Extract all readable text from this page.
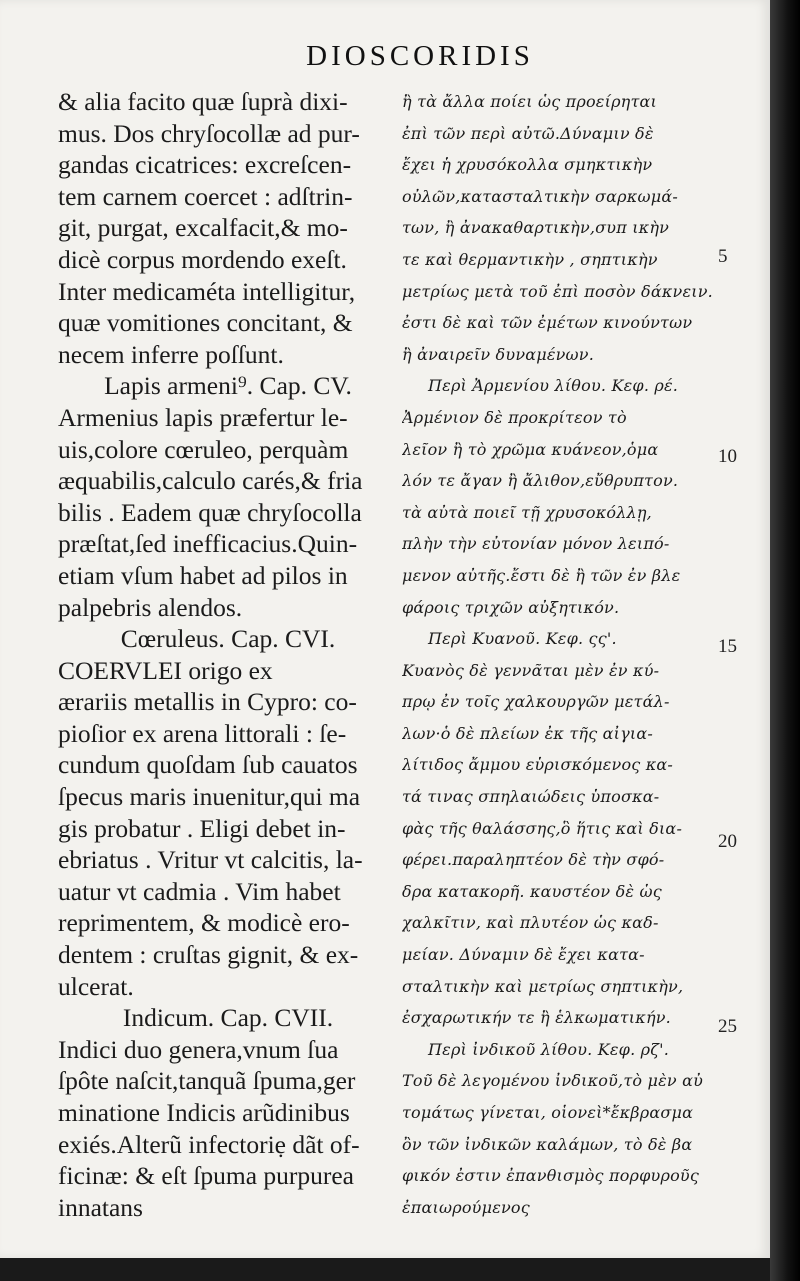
DIOSCORIDIS
& alia facito quæ ſuprà dixi-
mus. Dos chryſocollæ ad pur-
gandas cicatrices: excreſcen-
tem carnem coercet : adſtrin-
git, purgat, excalfacit,& mo-
dicè corpus mordendo exeſt.
Inter medicaméta intelligitur,
quæ vomitiones concitant, &
necem inferre poſſunt.
Lapis armeni⁹. Cap. CV.
Armenius lapis præfertur le-
uis,colore cœruleo, perquàm
æquabilis,calculo carés,& fria
bilis . Eadem quæ chryſocolla
præſtat,ſed inefficacius.Quin-
etiam vſum habet ad pilos in
palpebris alendos.
Cœruleus. Cap. CVI.
COERVLEI origo ex
ærariis metallis in Cypro: co-
pioſior ex arena littorali : ſe-
cundum quoſdam ſub cauatos
ſpecus maris inuenitur,qui ma
gis probatur . Eligi debet in-
ebriatus . Vritur vt calcitis, la-
uatur vt cadmia . Vim habet
reprimentem, & modicè ero-
dentem : cruſtas gignit, & ex-
ulcerat.
Indicum. Cap. CVII.
Indici duo genera,vnum ſua
ſpôte naſcit,tanquã ſpuma,ger
minatione Indicis arũdinibus
exiés.Alterũ infectoriẹ dãt of-
ficinæ: & eſt ſpuma purpurea
innatans
ἢ τὰ ἄλλα ποίει ὡς προείρηται
ἐπὶ τῶν περὶ αὐτῶ.Δύναμιν δὲ
ἔχει ἡ χρυσόκολλα σμηκτικὴν
οὐλῶν,κατασταλτικὴν σαρκωμά-
των, ἢ ἀνακαθαρτικὴν,συπ ικὴν
τε καὶ θερμαντικὴν , σηπτικὴν
μετρίως μετὰ τοῦ ἐπὶ ποσὸν δάκνειν.
ἐστι δὲ καὶ τῶν ἐμέτων κινούντων
ἢ ἀναιρεῖν δυναμένων.
Περὶ Ἀρμενίου λίθου. Κεφ. ρέ.
Ἀρμένιον δὲ προκρίτεον τὸ
λεῖον ἢ τὸ χρῶμα κυάνεον,ὁμα
λόν τε ἄγαν ἢ ἄλιθον,εὔθρυπτον.
τὰ αὐτὰ ποιεῖ τῇ χρυσοκόλλῃ,
πλὴν τὴν εὐτονίαν μόνον λειπό-
μενον αὐτῆς.ἔστι δὲ ἢ τῶν ἐν βλε
φάροις τριχῶν αὐξητικόν.
Περὶ Κυανοῦ. Κεφ. ςς'.
Κυανὸς δὲ γεννᾶται μὲν ἐν κύ-
πρῳ ἐν τοῖς χαλκουργῶν μετάλ-
λων·ὁ δὲ πλείων ἐκ τῆς αἰγια-
λίτιδος ἄμμου εὑρισκόμενος κα-
τά τινας σπηλαιώδεις ὑποσκα-
φὰς τῆς θαλάσσης,ὃ ἥτις καὶ δια-
φέρει.παραληπτέον δὲ τὴν σφό-
δρα κατακορῆ. καυστέον δὲ ὡς
χαλκῖτιν, καὶ πλυτέον ὡς καδ-
μείαν. Δύναμιν δὲ ἔχει κατα-
σταλτικὴν καὶ μετρίως σηπτικὴν,
ἐσχαρωτικήν τε ἢ ἑλκωματικήν.
Περὶ ἰνδικοῦ λίθου. Κεφ. ρζ'.
Τοῦ δὲ λεγομένου ἰνδικοῦ,τὸ μὲν αὐ
τομάτως γίνεται, οἱονεὶ*ἔκβρασμα
ὂν τῶν ἰνδικῶν καλάμων, τὸ δὲ βα
φικόν ἐστιν ἐπανθισμὸς πορφυροῦς
ἐπαιωρούμενος
5
10
15
20
25
